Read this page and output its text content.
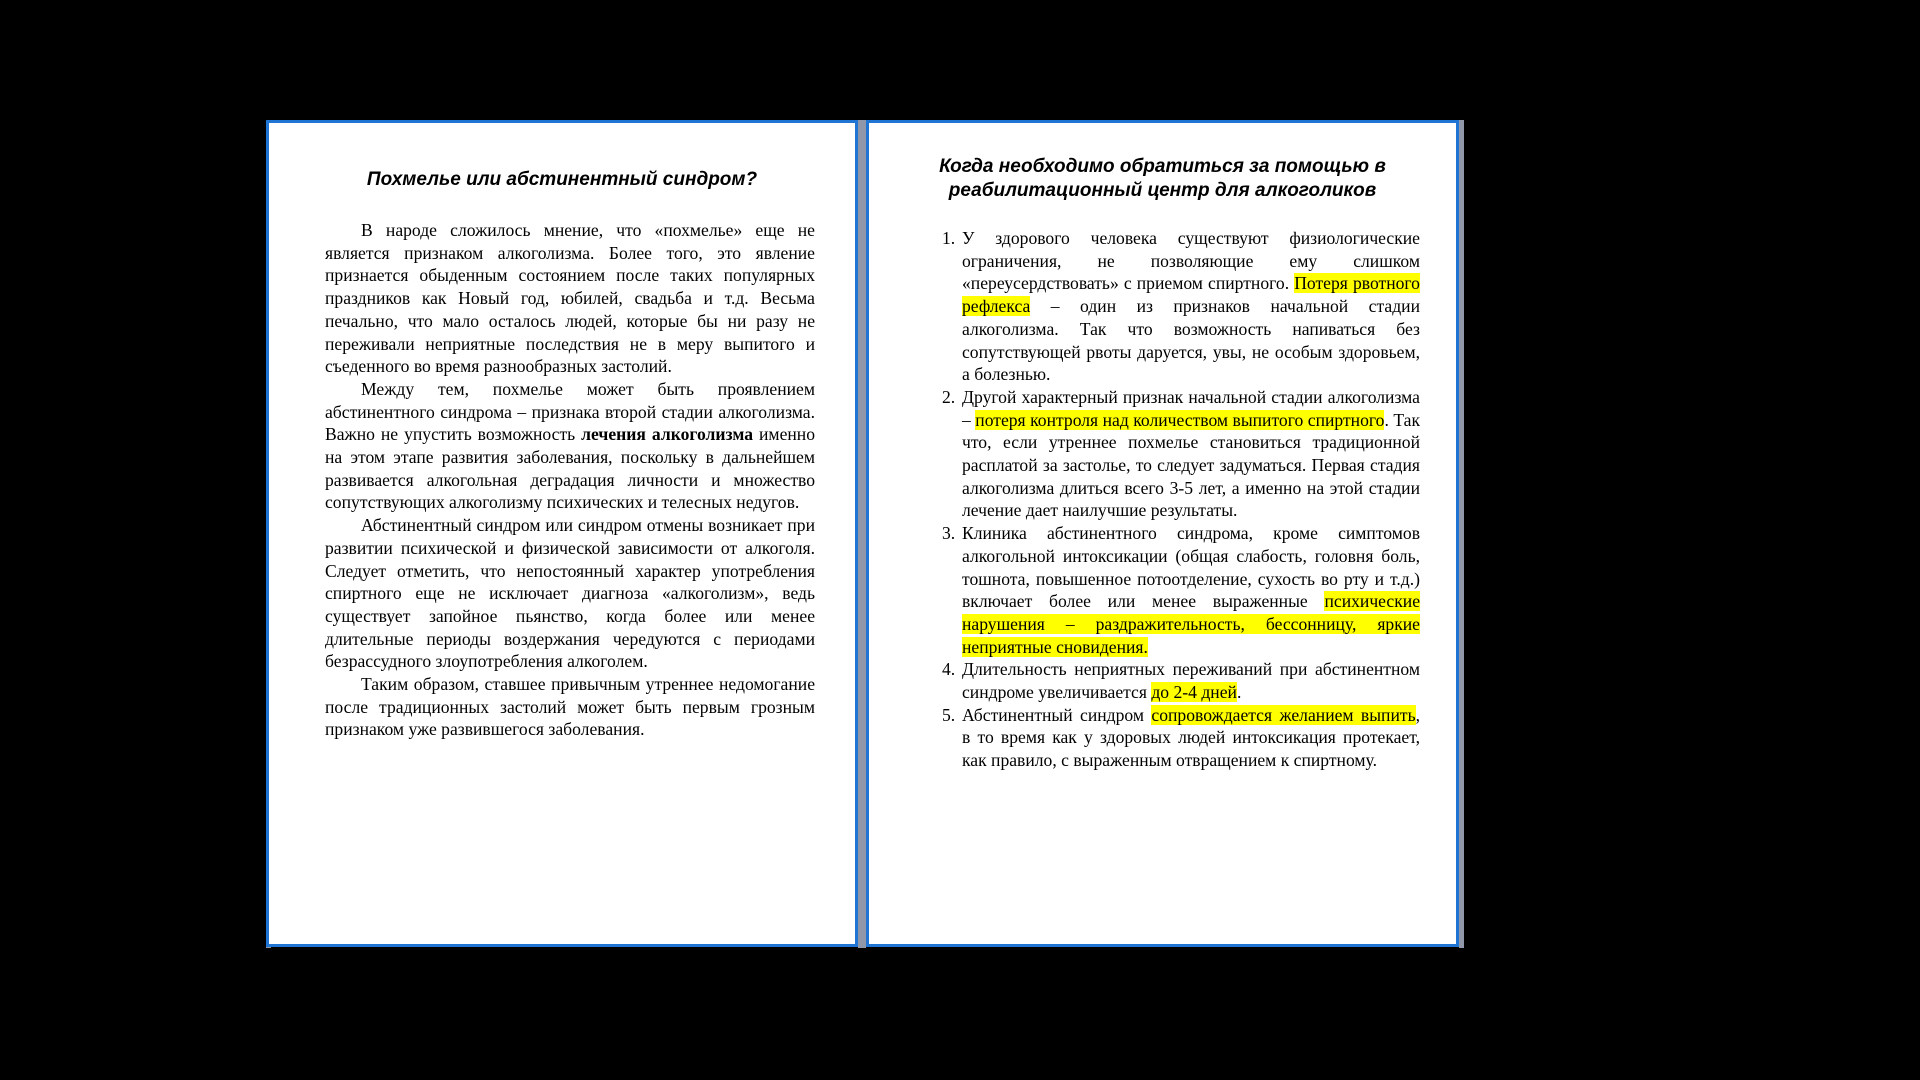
Похмелье или абстинентный синдром?

В народе сложилось мнение, что «похмелье» еще не является признаком алкоголизма. Более того, это явление признается обыденным состоянием после таких популярных праздников как Новый год, юбилей, свадьба и т.д. Весьма печально, что мало осталось людей, которые бы ни разу не переживали неприятные последствия не в меру выпитого и съеденного во время разнообразных застолий.

Между тем, похмелье может быть проявлением абстинентного синдрома – признака второй стадии алкоголизма. Важно не упустить возможность лечения алкоголизма именно на этом этапе развития заболевания, поскольку в дальнейшем развивается алкогольная деградация личности и множество сопутствующих алкоголизму психических и телесных недугов.

Абстинентный синдром или синдром отмены возникает при развитии психической и физической зависимости от алкоголя. Следует отметить, что непостоянный характер употребления спиртного еще не исключает диагноза «алкоголизм», ведь существует запойное пьянство, когда более или менее длительные периоды воздержания чередуются с периодами безрассудного злоупотребления алкоголем.

Таким образом, ставшее привычным утреннее недомогание после традиционных застолий может быть первым грозным признаком уже развившегося заболевания.

Когда необходимо обратиться за помощью в реабилитационный центр для алкоголиков
1. У здорового человека существуют физиологические ограничения, не позволяющие ему слишком «переусердствовать» с приемом спиртного. Потеря рвотного рефлекса – один из признаков начальной стадии алкоголизма. Так что возможность напиваться без сопутствующей рвоты даруется, увы, не особым здоровьем, а болезнью.
2. Другой характерный признак начальной стадии алкоголизма – потеря контроля над количеством выпитого спиртного. Так что, если утреннее похмелье становиться традиционной расплатой за застолье, то следует задуматься. Первая стадия алкоголизма длиться всего 3-5 лет, а именно на этой стадии лечение дает наилучшие результаты.
3. Клиника абстинентного синдрома, кроме симптомов алкогольной интоксикации (общая слабость, головня боль, тошнота, повышенное потоотделение, сухость во рту и т.д.) включает более или менее выраженные психические нарушения – раздражительность, бессонницу, яркие неприятные сновидения.
4. Длительность неприятных переживаний при абстинентном синдроме увеличивается до 2-4 дней.
5. Абстинентный синдром сопровождается желанием выпить, в то время как у здоровых людей интоксикация протекает, как правило, с выраженным отвращением к спиртному.
